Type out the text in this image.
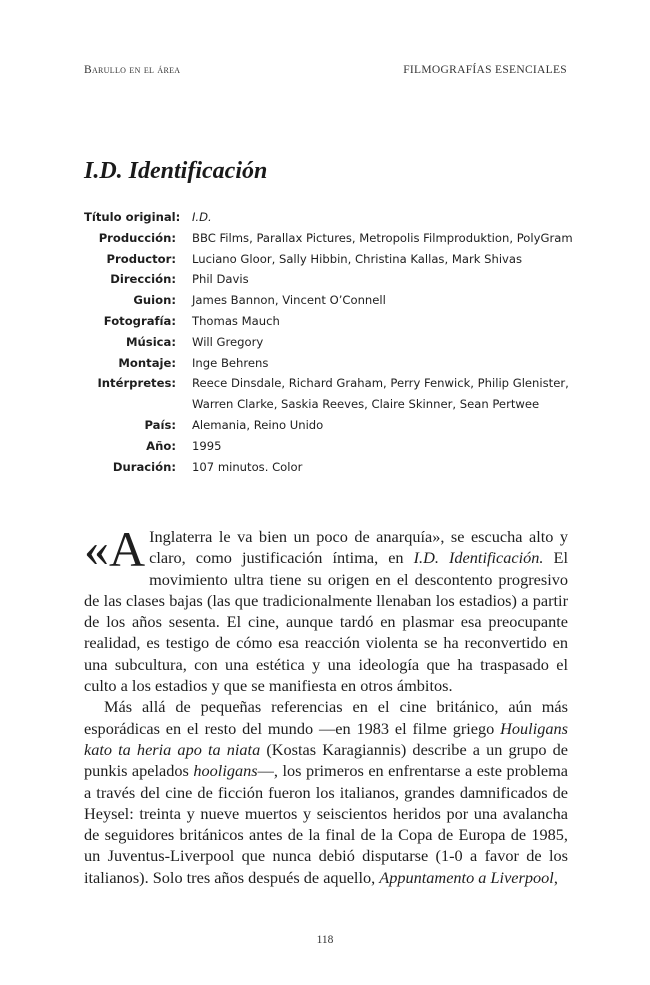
Barullo en el área	FILMOGRAFÍAS ESENCIALES
I.D. Identificación
Título original: I.D.
Producción: BBC Films, Parallax Pictures, Metropolis Filmproduktion, PolyGram
Productor: Luciano Gloor, Sally Hibbin, Christina Kallas, Mark Shivas
Dirección: Phil Davis
Guion: James Bannon, Vincent O’Connell
Fotografía: Thomas Mauch
Música: Will Gregory
Montaje: Inge Behrens
Intérpretes: Reece Dinsdale, Richard Graham, Perry Fenwick, Philip Glenister, Warren Clarke, Saskia Reeves, Claire Skinner, Sean Pertwee
País: Alemania, Reino Unido
Año: 1995
Duración: 107 minutos. Color

«A Inglaterra le va bien un poco de anarquía», se escucha alto y claro, como justificación íntima, en I.D. Identificación. El movimiento ultra tiene su origen en el descontento progresivo de las clases bajas (las que tradicionalmente llenaban los estadios) a partir de los años sesenta. El cine, aunque tardó en plasmar esa preocupante realidad, es testigo de cómo esa reacción violenta se ha reconvertido en una subcultura, con una estética y una ideología que ha traspasado el culto a los estadios y que se manifiesta en otros ámbitos.

Más allá de pequeñas referencias en el cine británico, aún más esporádicas en el resto del mundo —en 1983 el filme griego Houligans kato ta heria apo ta niata (Kostas Karagiannis) describe a un grupo de punkis apelados hooligans—, los primeros en enfrentarse a este problema a través del cine de ficción fueron los italianos, grandes damnificados de Heysel: treinta y nueve muertos y seiscientos heridos por una avalancha de seguidores británicos antes de la final de la Copa de Europa de 1985, un Juventus-Liverpool que nunca debió disputarse (1-0 a favor de los italianos). Solo tres años después de aquello, Appuntamento a Liverpool,

118
